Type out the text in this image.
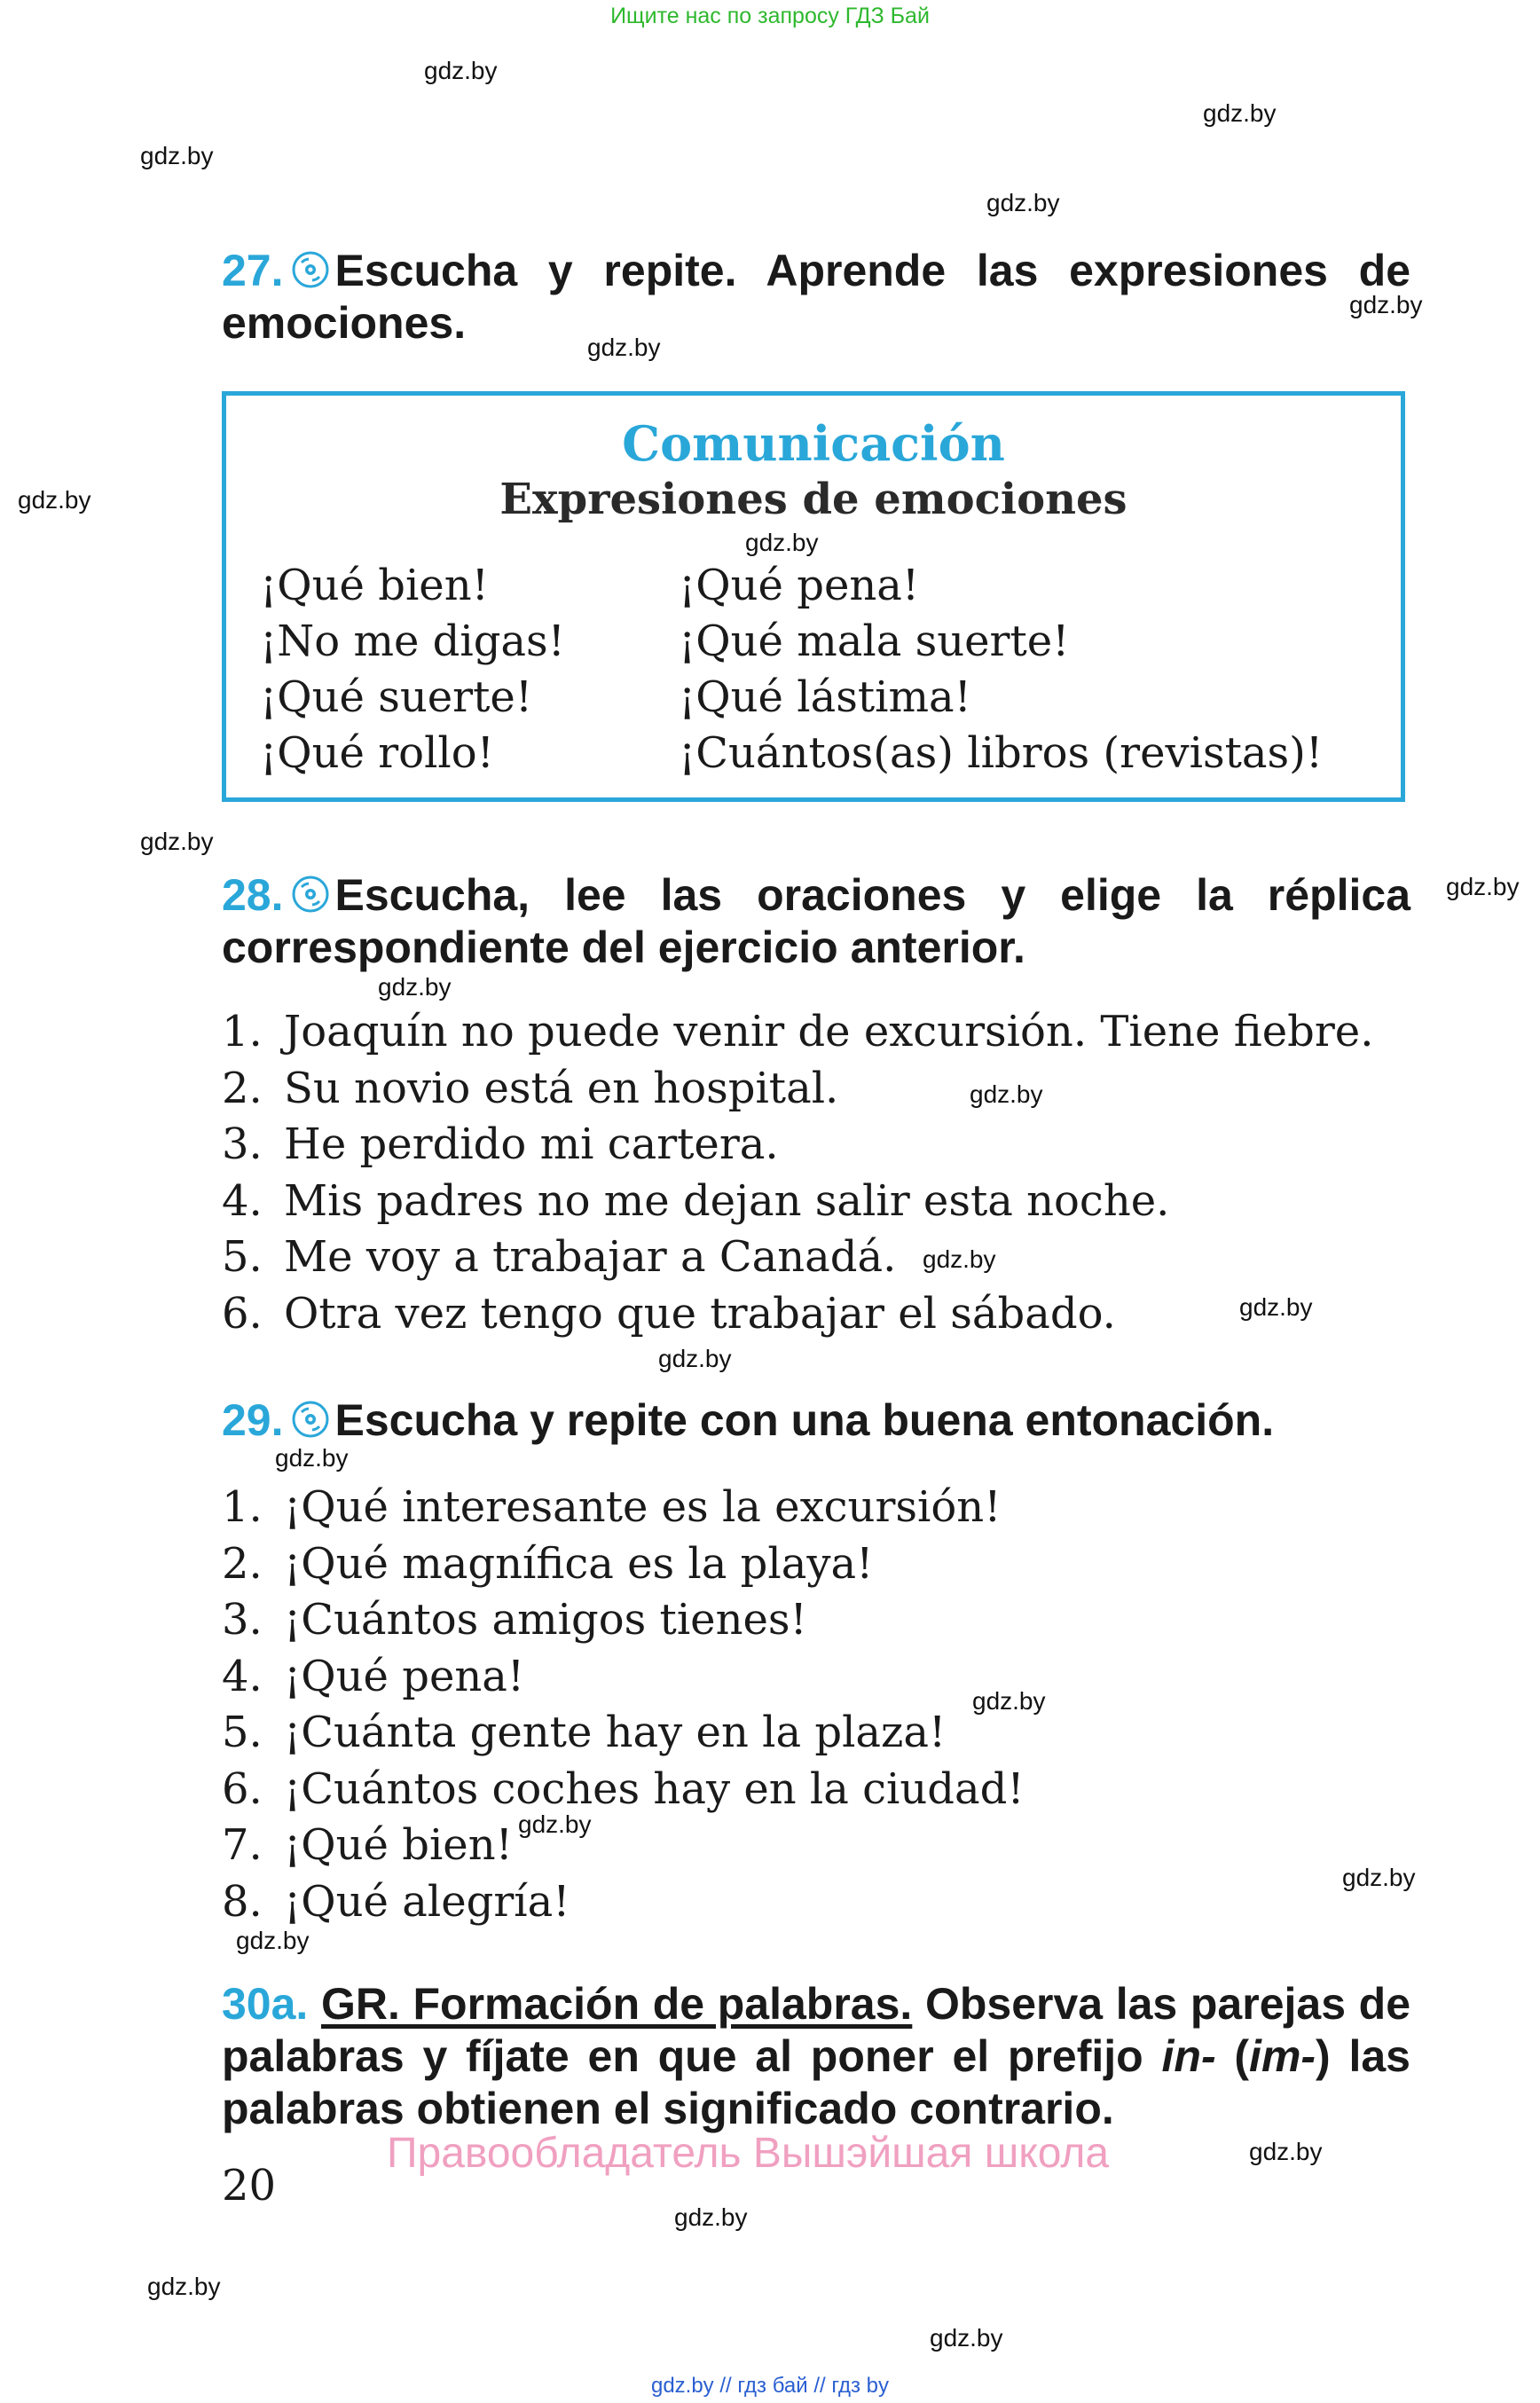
Ищите нас по запросу ГДЗ Бай
gdz.by
gdz.by
gdz.by
gdz.by
gdz.by
gdz.by
gdz.by
gdz.by
gdz.by
gdz.by
gdz.by
gdz.by
gdz.by
gdz.by
gdz.by
gdz.by
gdz.by
gdz.by
gdz.by
gdz.by
gdz.by
gdz.by
gdz.by
gdz.by
27. Escucha y repite. Aprende las expresiones de emociones.
Comunicación
Expresiones de emociones
¡Qué bien!
¡No me digas!
¡Qué suerte!
¡Qué rollo!
¡Qué pena!
¡Qué mala suerte!
¡Qué lástima!
¡Cuántos(as) libros (revistas)!
28. Escucha, lee las oraciones y elige la réplica correspondiente del ejercicio anterior.
1. Joaquín no puede venir de excursión. Tiene fiebre.
2. Su novio está en hospital.
3. He perdido mi cartera.
4. Mis padres no me dejan salir esta noche.
5. Me voy a trabajar a Canadá.
6. Otra vez tengo que trabajar el sábado.
29. Escucha y repite con una buena entonación.
1. ¡Qué interesante es la excursión!
2. ¡Qué magnífica es la playa!
3. ¡Cuántos amigos tienes!
4. ¡Qué pena!
5. ¡Cuánta gente hay en la plaza!
6. ¡Cuántos coches hay en la ciudad!
7. ¡Qué bien!
8. ¡Qué alegría!
30a. GR. Formación de palabras. Observa las parejas de palabras y fíjate en que al poner el prefijo in- (im-) las palabras obtienen el significado contrario.
Правообладатель Вышэйшая школа
20
gdz.by // гдз бай // гдз by
